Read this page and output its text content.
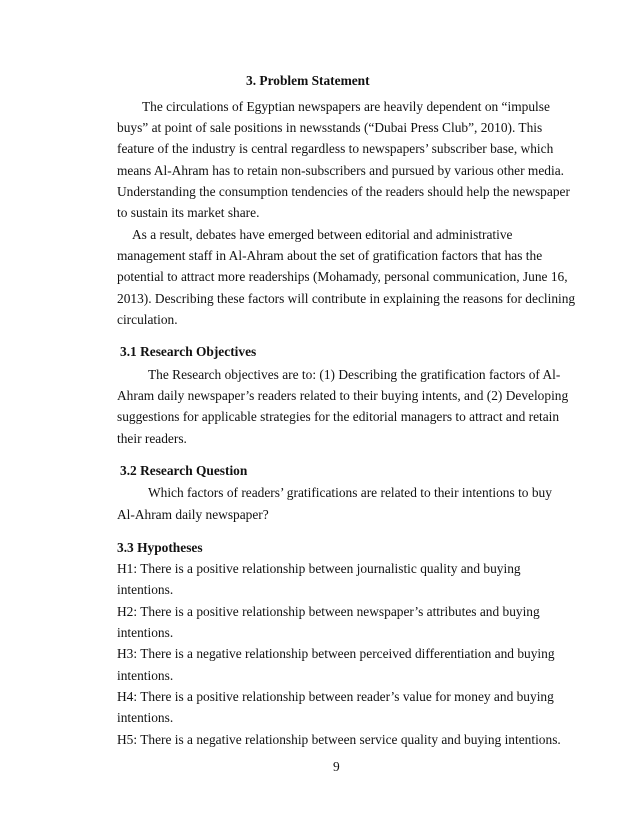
3. Problem Statement
The circulations of Egyptian newspapers are heavily dependent on “impulse
buys” at point of sale positions in newsstands (“Dubai Press Club”, 2010). This
feature of the industry is central regardless to newspapers’ subscriber base, which
means Al-Ahram has to retain non-subscribers and pursued by various other media.
Understanding the consumption tendencies of the readers should help the newspaper
to sustain its market share.
As a result, debates have emerged between editorial and administrative
management staff in Al-Ahram about the set of gratification factors that has the
potential to attract more readerships (Mohamady, personal communication, June 16,
2013). Describing these factors will contribute in explaining the reasons for declining
circulation.
3.1 Research Objectives
The Research objectives are to: (1) Describing the gratification factors of Al-
Ahram daily newspaper’s readers related to their buying intents, and (2) Developing
suggestions for applicable strategies for the editorial managers to attract and retain
their readers.
3.2 Research Question
Which factors of readers’ gratifications are related to their intentions to buy
Al-Ahram daily newspaper?
3.3 Hypotheses
H1: There is a positive relationship between journalistic quality and buying
intentions.
H2: There is a positive relationship between newspaper’s attributes and buying
intentions.
H3: There is a negative relationship between perceived differentiation and buying
intentions.
H4: There is a positive relationship between reader’s value for money and buying
intentions.
H5: There is a negative relationship between service quality and buying intentions.
9
